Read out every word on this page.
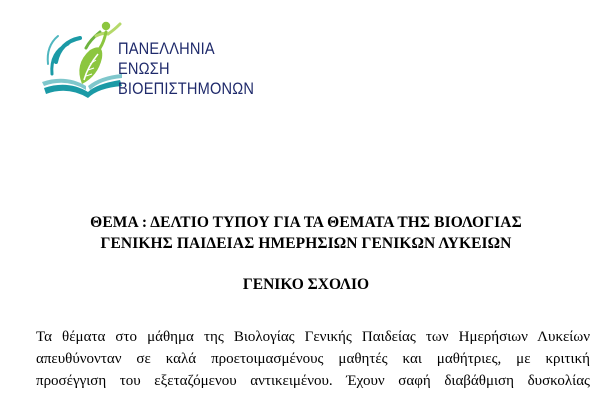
ΠΑΝΕΛΛΗΝΙΑ
ΕΝΩΣΗ
ΒΙΟΕΠΙΣΤΗΜΟΝΩΝ
ΘΕΜΑ : ΔΕΛΤΙΟ ΤΥΠΟΥ ΓΙΑ ΤΑ ΘΕΜΑΤΑ ΤΗΣ ΒΙΟΛΟΓΙΑΣ
ΓΕΝΙΚΗΣ ΠΑΙΔΕΙΑΣ ΗΜΕΡΗΣΙΩΝ ΓΕΝΙΚΩΝ ΛΥΚΕΙΩΝ
ΓΕΝΙΚΟ ΣΧΟΛΙΟ
Τα θέματα στο μάθημα της Βιολογίας Γενικής Παιδείας των Ημερήσιων Λυκείων
απευθύνονταν σε καλά προετοιμασμένους μαθητές και μαθήτριες, με κριτική
προσέγγιση του εξεταζόμενου αντικειμένου. Έχουν σαφή διαβάθμιση δυσκολίας
